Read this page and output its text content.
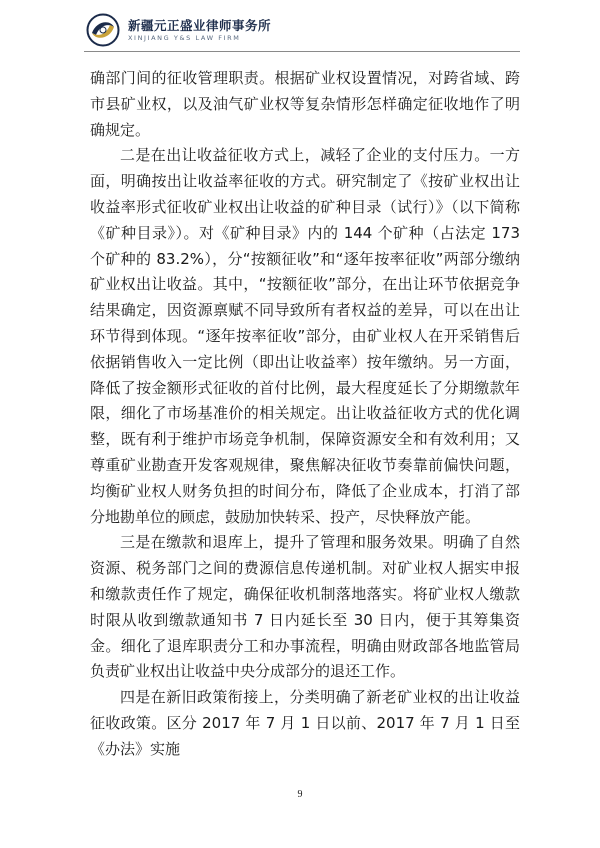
新疆元正盛业律师事务所
XINJIANG Y&S LAW FIRM

确部门间的征收管理职责。根据矿业权设置情况，对跨省域、跨市县矿业权，以及油气矿业权等复杂情形怎样确定征收地作了明确规定。

二是在出让收益征收方式上，减轻了企业的支付压力。一方面，明确按出让收益率征收的方式。研究制定了《按矿业权出让收益率形式征收矿业权出让收益的矿种目录（试行）》（以下简称《矿种目录》）。对《矿种目录》内的 144 个矿种（占法定 173 个矿种的 83.2%），分“按额征收”和“逐年按率征收”两部分缴纳矿业权出让收益。其中，“按额征收”部分，在出让环节依据竞争结果确定，因资源禀赋不同导致所有者权益的差异，可以在出让环节得到体现。“逐年按率征收”部分，由矿业权人在开采销售后依据销售收入一定比例（即出让收益率）按年缴纳。另一方面，降低了按金额形式征收的首付比例，最大程度延长了分期缴款年限，细化了市场基准价的相关规定。出让收益征收方式的优化调整，既有利于维护市场竞争机制，保障资源安全和有效利用；又尊重矿业勘查开发客观规律，聚焦解决征收节奏靠前偏快问题，均衡矿业权人财务负担的时间分布，降低了企业成本，打消了部分地勘单位的顾虑，鼓励加快转采、投产，尽快释放产能。

三是在缴款和退库上，提升了管理和服务效果。明确了自然资源、税务部门之间的费源信息传递机制。对矿业权人据实申报和缴款责任作了规定，确保征收机制落地落实。将矿业权人缴款时限从收到缴款通知书 7 日内延长至 30 日内，便于其筹集资金。细化了退库职责分工和办事流程，明确由财政部各地监管局负责矿业权出让收益中央分成部分的退还工作。

四是在新旧政策衔接上，分类明确了新老矿业权的出让收益征收政策。区分 2017 年 7 月 1 日以前、2017 年 7 月 1 日至《办法》实施

9
